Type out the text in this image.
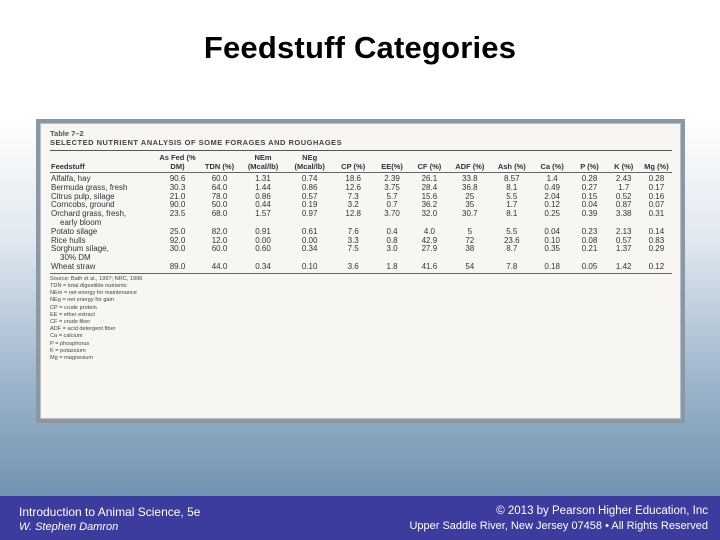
Feedstuff Categories
Table 7–2
SELECTED NUTRIENT ANALYSIS OF SOME FORAGES AND ROUGHAGES
Feedstuff	As Fed (% DM)	TDN (%)	NEm (Mcal/lb)	NEg (Mcal/lb)	CP (%)	EE(%)	CF (%)	ADF (%)	Ash (%)	Ca (%)	P (%)	K (%)	Mg (%)
Alfalfa, hay	90.6	60.0	1.31	0.74	18.6	2.39	26.1	33.8	8.57	1.4	0.28	2.43	0.28
Bermuda grass, fresh	30.3	64.0	1.44	0.86	12.6	3.75	28.4	36.8	8.1	0.49	0.27	1.7	0.17
Citrus pulp, silage	21.0	78.0	0.86	0.57	7.3	5.7	15.6	25	5.5	2.04	0.15	0.52	0.16
Corncobs, ground	90.0	50.0	0.44	0.19	3.2	0.7	36.2	35	1.7	0.12	0.04	0.87	0.07
Orchard grass, fresh,	23.5	68.0	1.57	0.97	12.8	3.70	32.0	30.7	8.1	0.25	0.39	3.38	0.31
early bloom													
Potato silage	25.0	82.0	0.91	0.61	7.6	0.4	4.0	5	5.5	0.04	0.23	2.13	0.14
Rice hulls	92.0	12.0	0.00	0.00	3.3	0.8	42.9	72	23.6	0.10	0.08	0.57	0.83
Sorghum silage,	30.0	60.0	0.60	0.34	7.5	3.0	27.9	38	8.7	0.35	0.21	1.37	0.29
30% DM													
Wheat straw	89.0	44.0	0.34	0.10	3.6	1.8	41.6	54	7.8	0.18	0.05	1.42	0.12
Source: Bath et al., 1997; NRC, 1996
TDN = total digestible nutrients
NEm = net energy for maintenance
NEg = net energy for gain
CP = crude protein
EE = ether extract
CF = crude fiber
ADF = acid detergent fiber
Ca = calcium
P = phosphorus
K = potassium
Mg = magnesium
Introduction to Animal Science, 5e
W. Stephen Damron
© 2013 by Pearson Higher Education, Inc
Upper Saddle River, New Jersey 07458 • All Rights Reserved
